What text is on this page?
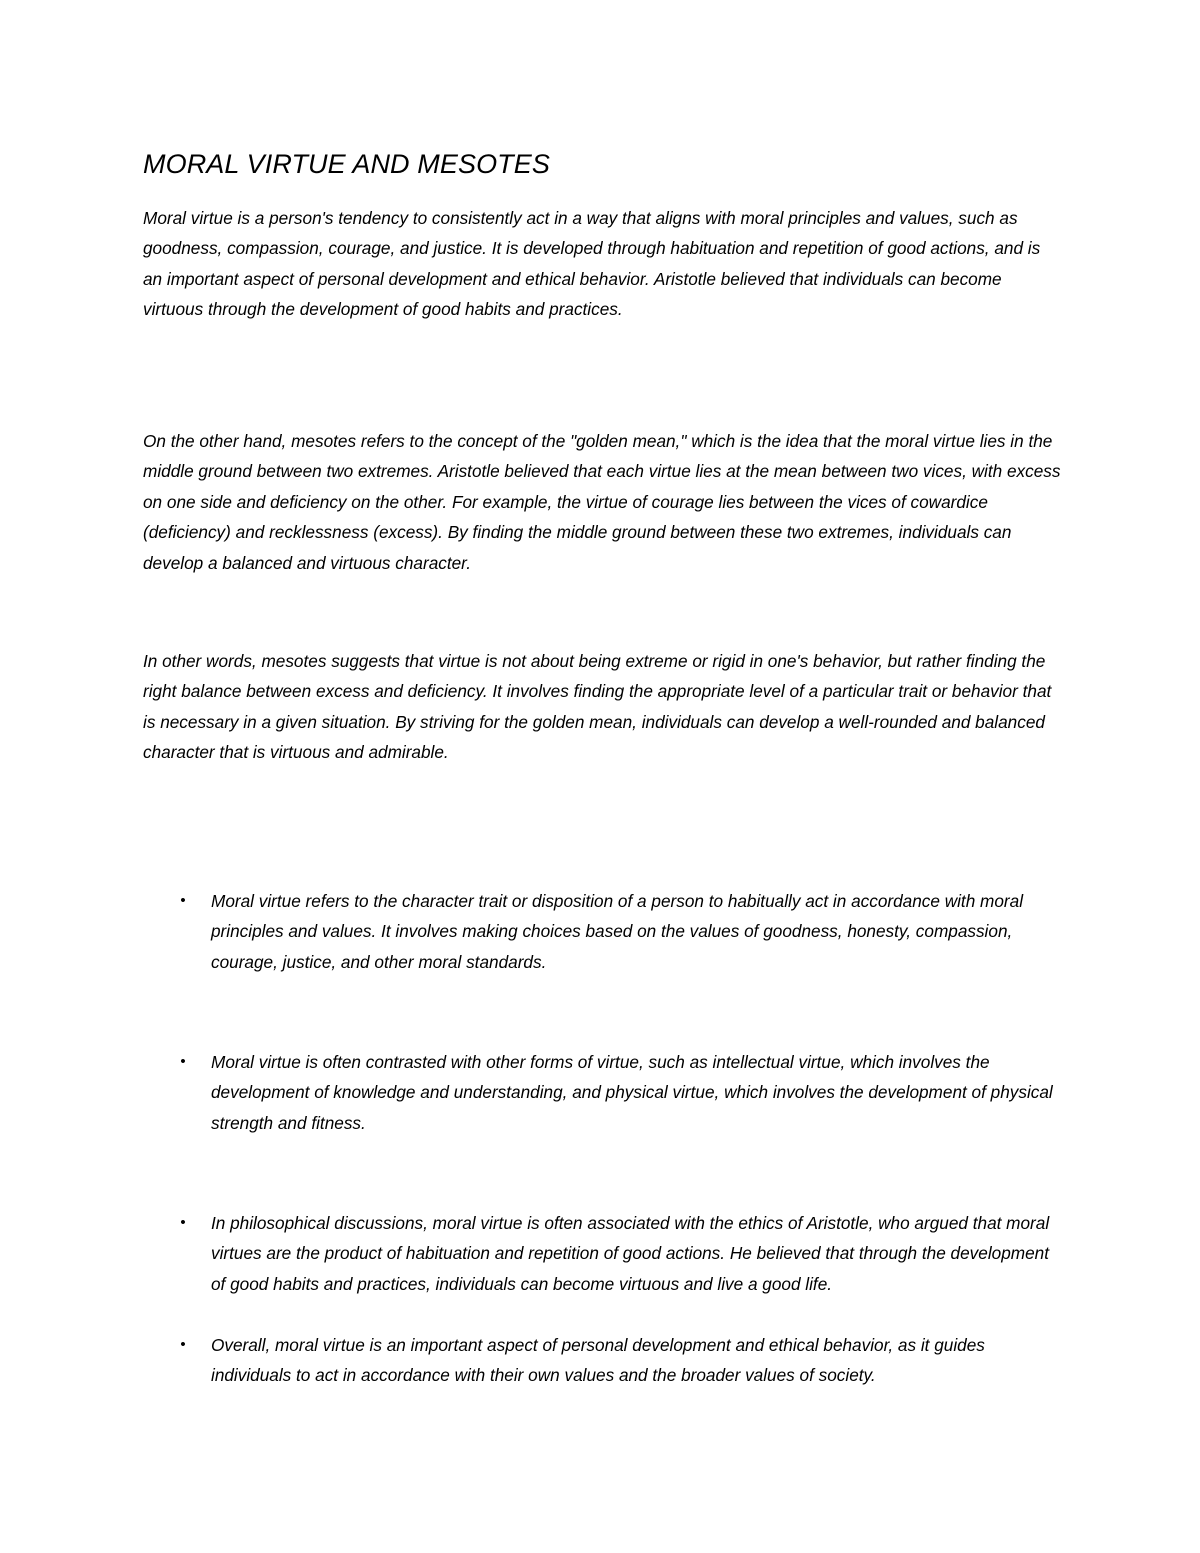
MORAL VIRTUE AND MESOTES

Moral virtue is a person's tendency to consistently act in a way that aligns with moral principles and values, such as goodness, compassion, courage, and justice. It is developed through habituation and repetition of good actions, and is an important aspect of personal development and ethical behavior. Aristotle believed that individuals can become virtuous through the development of good habits and practices.

On the other hand, mesotes refers to the concept of the "golden mean," which is the idea that the moral virtue lies in the middle ground between two extremes. Aristotle believed that each virtue lies at the mean between two vices, with excess on one side and deficiency on the other. For example, the virtue of courage lies between the vices of cowardice (deficiency) and recklessness (excess). By finding the middle ground between these two extremes, individuals can develop a balanced and virtuous character.

In other words, mesotes suggests that virtue is not about being extreme or rigid in one's behavior, but rather finding the right balance between excess and deficiency. It involves finding the appropriate level of a particular trait or behavior that is necessary in a given situation. By striving for the golden mean, individuals can develop a well-rounded and balanced character that is virtuous and admirable.

•	Moral virtue refers to the character trait or disposition of a person to habitually act in accordance with moral principles and values. It involves making choices based on the values of goodness, honesty, compassion, courage, justice, and other moral standards.
•	Moral virtue is often contrasted with other forms of virtue, such as intellectual virtue, which involves the development of knowledge and understanding, and physical virtue, which involves the development of physical strength and fitness.
•	In philosophical discussions, moral virtue is often associated with the ethics of Aristotle, who argued that moral virtues are the product of habituation and repetition of good actions. He believed that through the development of good habits and practices, individuals can become virtuous and live a good life.
•	Overall, moral virtue is an important aspect of personal development and ethical behavior, as it guides individuals to act in accordance with their own values and the broader values of society.
